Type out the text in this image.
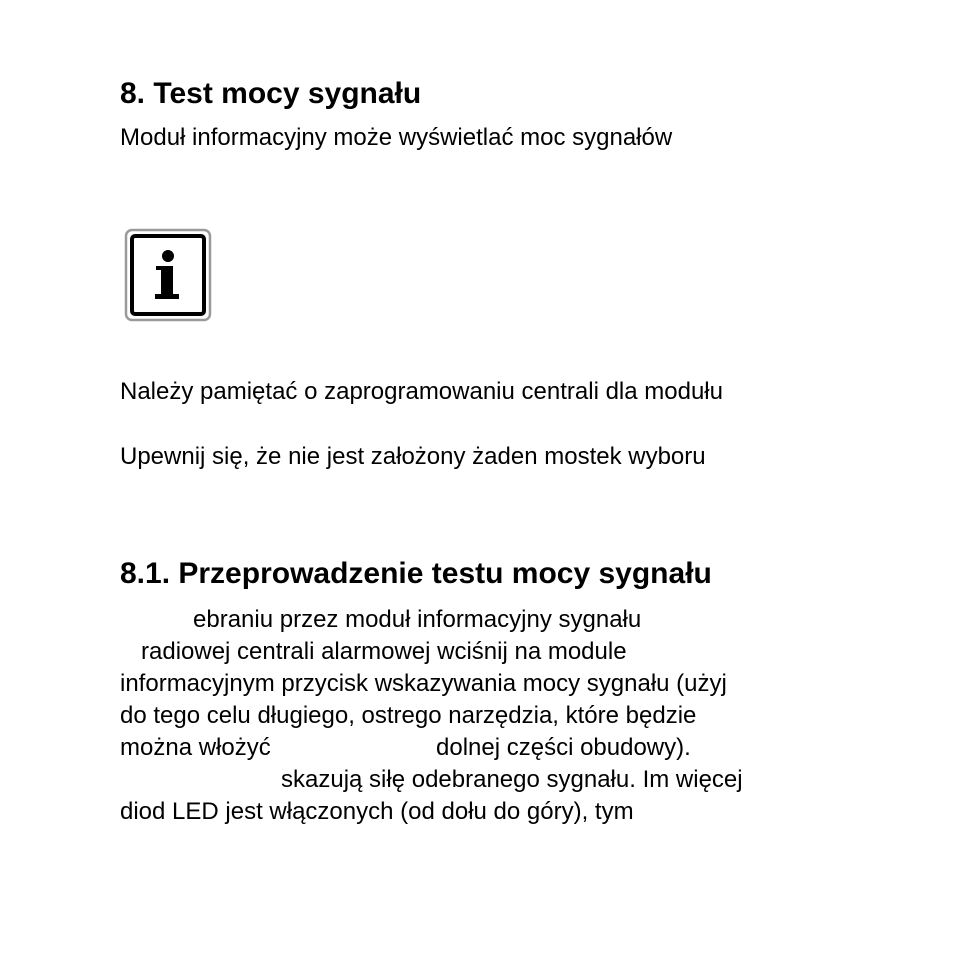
8. Test mocy sygnału

Moduł informacyjny może wyświetlać moc sygnałów

Należy pamiętać o zaprogramowaniu centrali dla modułu

Upewnij się, że nie jest założony żaden mostek wyboru

8.1. Przeprowadzenie testu mocy sygnału
ebraniu przez moduł informacyjny sygnału
radiowej centrali alarmowej wciśnij na module
informacyjnym przycisk wskazywania mocy sygnału (użyj
do tego celu długiego, ostrego narzędzia, które będzie
można włożyć	dolnej części obudowy).
skazują siłę odebranego sygnału. Im więcej
diod LED jest włączonych (od dołu do góry), tym
